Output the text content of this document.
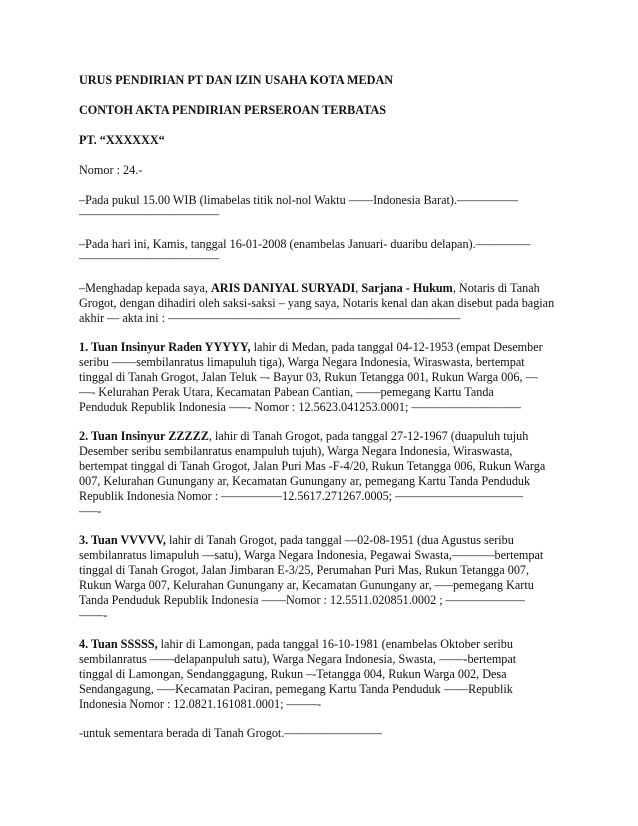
URUS PENDIRIAN PT DAN IZIN USAHA KOTA MEDAN
CONTOH AKTA PENDIRIAN PERSEROAN TERBATAS
PT. “XXXXXX“
Nomor : 24.-
–Pada pukul 15.00 WIB (limabelas titik nol-nol Waktu ––––Indonesia Barat).––––––––––
–––––––––––––––––––––––
–Pada hari ini, Kamis, tanggal 16-01-2008 (enambelas Januari- duaribu delapan).–––––––––
–––––––––––––––––––––––
–Menghadap kepada saya, ARIS DANIYAL SURYADI, Sarjana - Hukum, Notaris di Tanah
Grogot, dengan dihadiri oleh saksi-saksi – yang saya, Notaris kenal dan akan disebut pada bagian
akhir –– akta ini : ––––––––––––––––––––––––––––––––––––––––––––––––
1. Tuan Insinyur Raden YYYYY, lahir di Medan, pada tanggal 04-12-1953 (empat Desember
seribu ––––sembilanratus limapuluh tiga), Warga Negara Indonesia, Wiraswasta, bertempat
tinggal di Tanah Grogot, Jalan Teluk –- Bayur 03, Rukun Tetangga 001, Rukun Warga 006, ––
––- Kelurahan Perak Utara, Kecamatan Pabean Cantian, ––––pemegang Kartu Tanda
Penduduk Republik Indonesia –––- Nomor : 12.5623.041253.0001; ––––––––––––––––––
2. Tuan Insinyur ZZZZZ, lahir di Tanah Grogot, pada tanggal 27-12-1967 (duapuluh tujuh
Desember seribu sembilanratus enampuluh tujuh), Warga Negara Indonesia, Wiraswasta,
bertempat tinggal di Tanah Grogot, Jalan Puri Mas -F-4/20, Rukun Tetangga 006, Rukun Warga
007, Kelurahan Gunungany ar, Kecamatan Gunungany ar, pemegang Kartu Tanda Penduduk
Republik Indonesia Nomor : ––––––––––12.5617.271267.0005; –––––––––––––––––––––
–––-
3. Tuan VVVVV, lahir di Tanah Grogot, pada tanggal ––02-08-1951 (dua Agustus seribu
sembilanratus limapuluh ––satu), Warga Negara Indonesia, Pegawai Swasta,–––––––bertempat
tinggal di Tanah Grogot, Jalan Jimbaran E-3/25, Perumahan Puri Mas, Rukun Tetangga 007,
Rukun Warga 007, Kelurahan Gunungany ar, Kecamatan Gunungany ar, –––pemegang Kartu
Tanda Penduduk Republik Indonesia ––––Nomor : 12.5511.020851.0002 ; –––––––––––––
––––-
4. Tuan SSSSS, lahir di Lamongan, pada tanggal 16-10-1981 (enambelas Oktober seribu
sembilanratus ––––delapanpuluh satu), Warga Negara Indonesia, Swasta, ––––-bertempat
tinggal di Lamongan, Sendanggagung, Rukun –-Tetangga 004, Rukun Warga 002, Desa
Sendangagung, –––Kecamatan Paciran, pemegang Kartu Tanda Penduduk ––––Republik
Indonesia Nomor : 12.0821.161081.0001; –––––-
-untuk sementara berada di Tanah Grogot.––––––––––––––––
